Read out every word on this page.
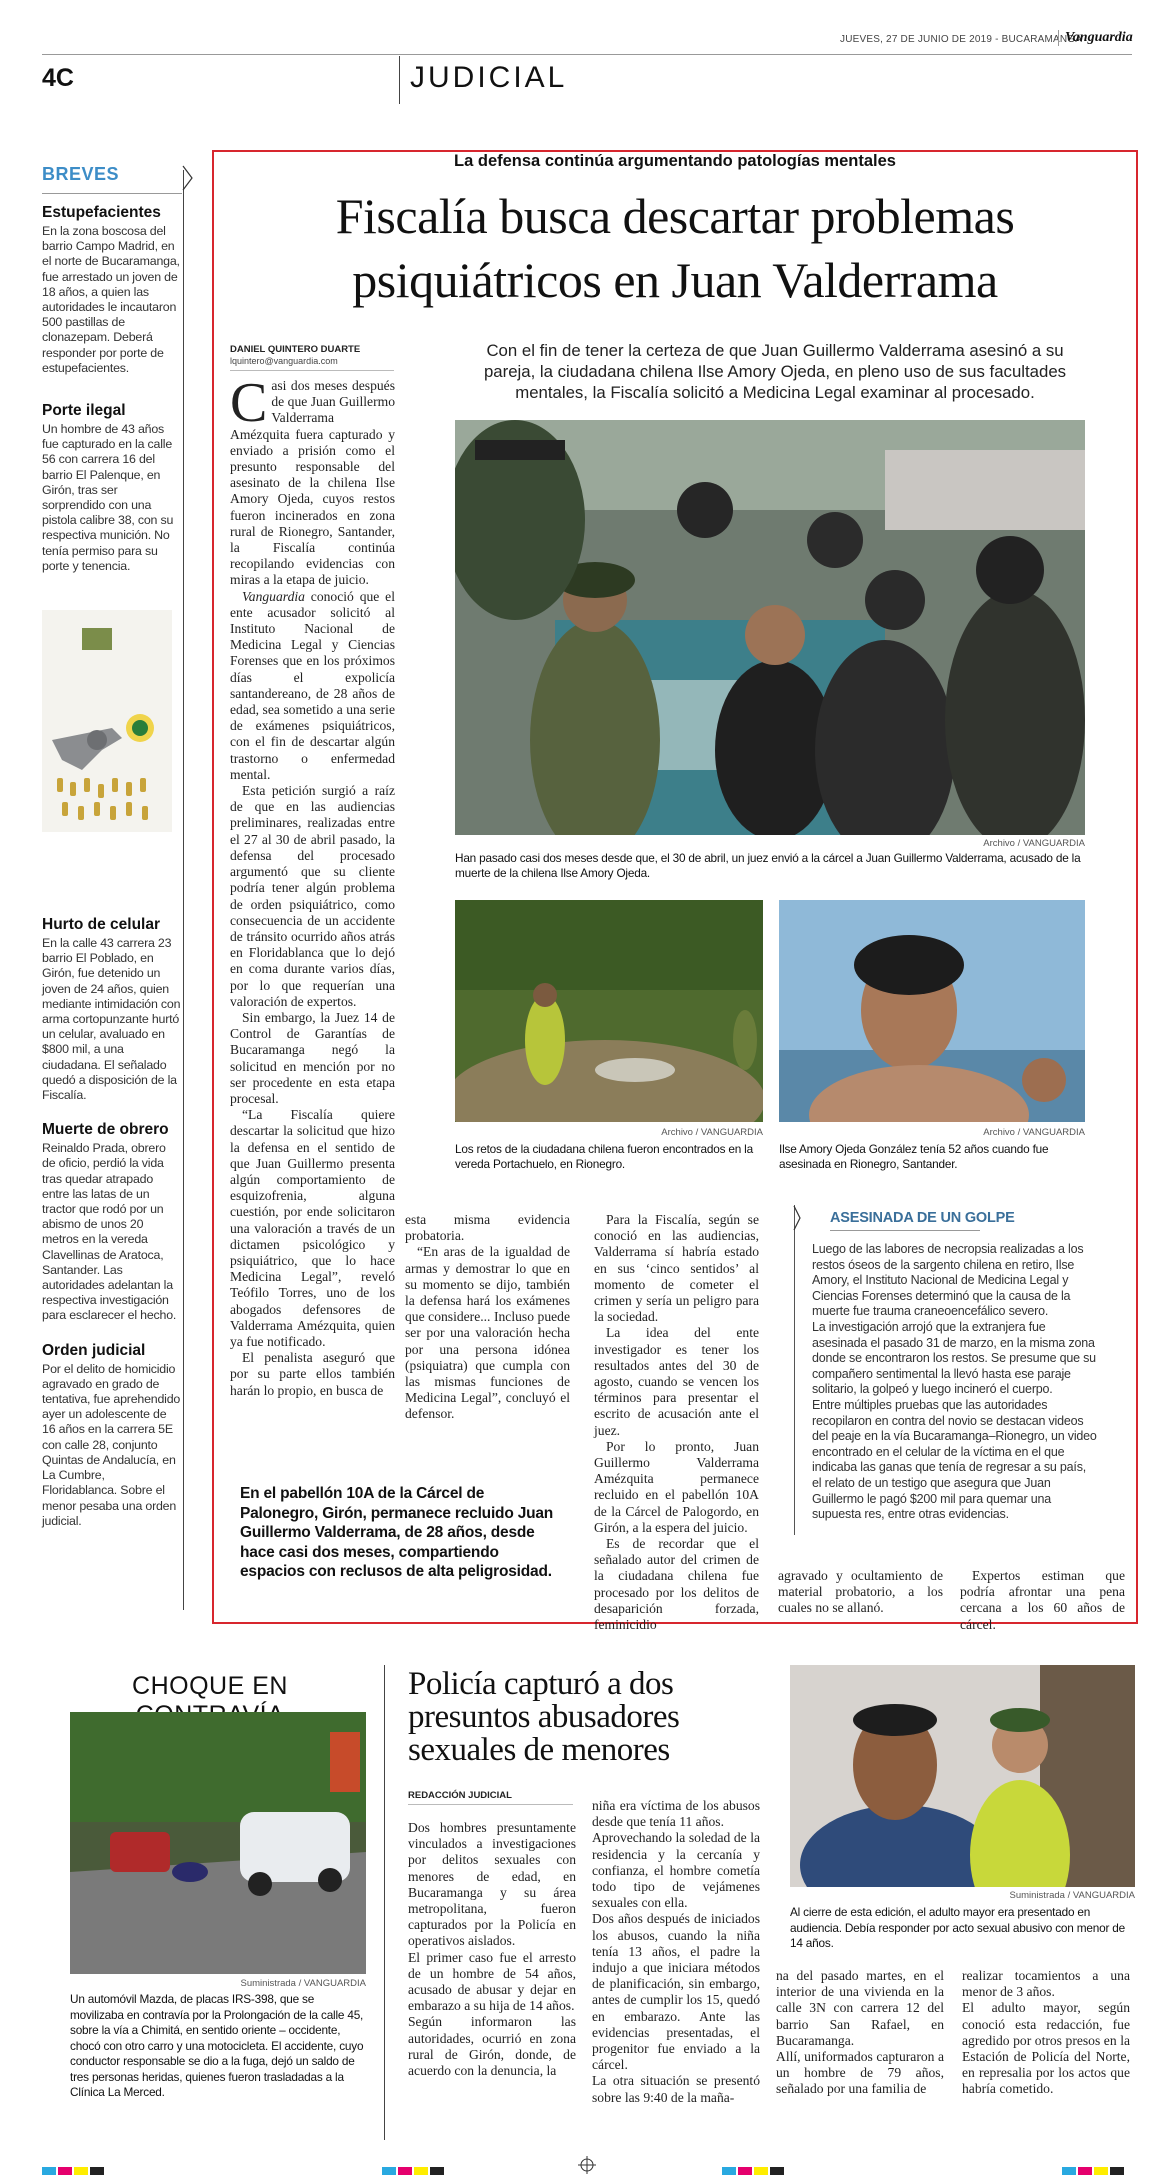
JUEVES, 27 DE JUNIO DE 2019 - BUCARAMANGA
Vanguardia
4C	JUDICIAL
BREVES
Estupefacientes
En la zona boscosa del barrio Campo Madrid, en el norte de Bucaramanga, fue arrestado un joven de 18 años, a quien las autoridades le incautaron 500 pastillas de clonazepam. Deberá responder por porte de estupefacientes.
Porte ilegal
Un hombre de 43 años fue capturado en la calle 56 con carrera 16 del barrio El Palenque, en Girón, tras ser sorprendido con una pistola calibre 38, con su respectiva munición. No tenía permiso para su porte y tenencia.
Hurto de celular
En la calle 43 carrera 23 barrio El Poblado, en Girón, fue detenido un joven de 24 años, quien mediante intimidación con arma cortopunzante hurtó un celular, avaluado en $800 mil, a una ciudadana. El señalado quedó a disposición de la Fiscalía.
Muerte de obrero
Reinaldo Prada, obrero de oficio, perdió la vida tras quedar atrapado entre las latas de un tractor que rodó por un abismo de unos 20 metros en la vereda Clavellinas de Aratoca, Santander. Las autoridades adelantan la respectiva investigación para esclarecer el hecho.
Orden judicial
Por el delito de homicidio agravado en grado de tentativa, fue aprehendido ayer un adolescente de 16 años en la carrera 5E con calle 28, conjunto Quintas de Andalucía, en La Cumbre, Floridablanca. Sobre el menor pesaba una orden judicial.
La defensa continúa argumentando patologías mentales
Fiscalía busca descartar problemas
psiquiátricos en Juan Valderrama
DANIEL QUINTERO DUARTE
lquintero@vanguardia.com
Con el fin de tener la certeza de que Juan Guillermo Valderrama asesinó a su pareja, la ciudadana chilena Ilse Amory Ojeda, en pleno uso de sus facultades mentales, la Fiscalía solicitó a Medicina Legal examinar al procesado.

Casi dos meses después de que Juan Guillermo Valderrama Amézquita fuera capturado y enviado a prisión como el presunto responsable del asesinato de la chilena Ilse Amory Ojeda, cuyos restos fueron incinerados en zona rural de Rionegro, Santander, la Fiscalía continúa recopilando evidencias con miras a la etapa de juicio.

Vanguardia conoció que el ente acusador solicitó al Instituto Nacional de Medicina Legal y Ciencias Forenses que en los próximos días el expolicía santandereano, de 28 años de edad, sea sometido a una serie de exámenes psiquiátricos, con el fin de descartar algún trastorno o enfermedad mental.

Esta petición surgió a raíz de que en las audiencias preliminares, realizadas entre el 27 al 30 de abril pasado, la defensa del procesado argumentó que su cliente podría tener algún problema de orden psiquiátrico, como consecuencia de un accidente de tránsito ocurrido años atrás en Floridablanca que lo dejó en coma durante varios días, por lo que requerían una valoración de expertos.

Sin embargo, la Juez 14 de Control de Garantías de Bucaramanga negó la solicitud en mención por no ser procedente en esta etapa procesal.

“La Fiscalía quiere descartar la solicitud que hizo la defensa en el sentido de que Juan Guillermo presenta algún comportamiento de esquizofrenia, alguna cuestión, por ende solicitaron una valoración a través de un dictamen psicológico y psiquiátrico, que lo hace Medicina Legal”, reveló Teófilo Torres, uno de los abogados defensores de Valderrama Amézquita, quien ya fue notificado.

El penalista aseguró que por su parte ellos también harán lo propio, en busca de

Archivo / VANGUARDIA
Han pasado casi dos meses desde que, el 30 de abril, un juez envió a la cárcel a Juan Guillermo Valderrama, acusado de la muerte de la chilena Ilse Amory Ojeda.
Archivo / VANGUARDIA
Los retos de la ciudadana chilena fueron encontrados en la vereda Portachuelo, en Rionegro.
Archivo / VANGUARDIA
Ilse Amory Ojeda González tenía 52 años cuando fue asesinada en Rionegro, Santander.

esta misma evidencia probatoria.

“En aras de la igualdad de armas y demostrar lo que en su momento se dijo, también la defensa hará los exámenes que considere... Incluso puede ser por una valoración hecha por una persona idónea (psiquiatra) que cumpla con las mismas funciones de Medicina Legal”, concluyó el defensor.

Para la Fiscalía, según se conoció en las audiencias, Valderrama sí habría estado en sus ‘cinco sentidos’ al momento de cometer el crimen y sería un peligro para la sociedad.

La idea del ente investigador es tener los resultados antes del 30 de agosto, cuando se vencen los términos para presentar el escrito de acusación ante el juez.

Por lo pronto, Juan Guillermo Valderrama Amézquita permanece recluido en el pabellón 10A de la Cárcel de Palogordo, en Girón, a la espera del juicio.

Es de recordar que el señalado autor del crimen de la ciudadana chilena fue procesado por los delitos de desaparición forzada, feminicidio

ASESINADA DE UN GOLPE
Luego de las labores de necropsia realizadas a los restos óseos de la sargento chilena en retiro, Ilse Amory, el Instituto Nacional de Medicina Legal y Ciencias Forenses determinó que la causa de la muerte fue trauma craneoencefálico severo.
La investigación arrojó que la extranjera fue asesinada el pasado 31 de marzo, en la misma zona donde se encontraron los restos. Se presume que su compañero sentimental la llevó hasta ese paraje solitario, la golpeó y luego incineró el cuerpo.
Entre múltiples pruebas que las autoridades recopilaron en contra del novio se destacan videos del peaje en la vía Bucaramanga–Rionegro, un video encontrado en el celular de la víctima en el que indicaba las ganas que tenía de regresar a su país, el relato de un testigo que asegura que Juan Guillermo le pagó $200 mil para quemar una supuesta res, entre otras evidencias.
En el pabellón 10A de la Cárcel de Palonegro, Girón, permanece recluido Juan Guillermo Valderrama, de 28 años, desde hace casi dos meses, compartiendo espacios con reclusos de alta peligrosidad.	agravado y ocultamiento de material probatorio, a los cuales no se allanó.

Expertos estiman que podría afrontar una pena cercana a los 60 años de cárcel.

CHOQUE EN
Suministrada / VANGUARDIA
Un automóvil Mazda, de placas IRS-398, que se movilizaba en contravía por la Prolongación de la calle 45, sobre la vía a Chimitá, en sentido oriente – occidente, chocó con otro carro y una motocicleta. El accidente, cuyo conductor responsable se dio a la fuga, dejó un saldo de tres personas heridas, quienes fueron trasladadas a la Clínica La Merced.
Policía capturó a dos presuntos abusadores sexuales de menores
REDACCIÓN JUDICIAL
Dos hombres presuntamente vinculados a investigaciones por delitos sexuales con menores de edad, en Bucaramanga y su área metropolitana, fueron capturados por la Policía en operativos aislados.
El primer caso fue el arresto de un hombre de 54 años, acusado de abusar y dejar en embarazo a su hija de 14 años.
Según informaron las autoridades, ocurrió en zona rural de Girón, donde, de acuerdo con la denuncia, la
niña era víctima de los abusos desde que tenía 11 años.
Aprovechando la soledad de la residencia y la cercanía y confianza, el hombre cometía todo tipo de vejámenes sexuales con ella.
Dos años después de iniciados los abusos, cuando la niña tenía 13 años, el padre la indujo a que iniciara métodos de planificación, sin embargo, antes de cumplir los 15, quedó en embarazo. Ante las evidencias presentadas, el progenitor fue enviado a la cárcel.
La otra situación se presentó sobre las 9:40 de la maña-
Suministrada / VANGUARDIA
Al cierre de esta edición, el adulto mayor era presentado en audiencia. Debía responder por acto sexual abusivo con menor de 14 años.
na del pasado martes, en el interior de una vivienda en la calle 3N con carrera 12 del barrio San Rafael, en Bucaramanga.
Allí, uniformados capturaron a un hombre de 79 años, señalado por una familia de
realizar tocamientos a una menor de 3 años.
El adulto mayor, según conoció esta redacción, fue agredido por otros presos en la Estación de Policía del Norte, en represalia por los actos que habría cometido.
